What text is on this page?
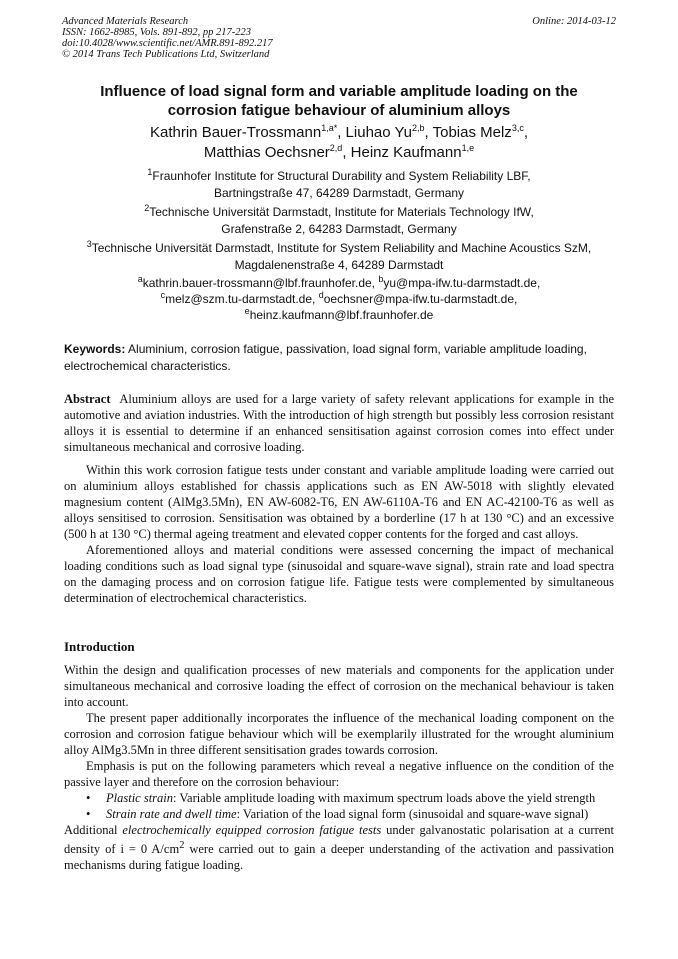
Advanced Materials Research
ISSN: 1662-8985, Vols. 891-892, pp 217-223
doi:10.4028/www.scientific.net/AMR.891-892.217
© 2014 Trans Tech Publications Ltd, Switzerland
Online: 2014-03-12
Influence of load signal form and variable amplitude loading on the corrosion fatigue behaviour of aluminium alloys
Kathrin Bauer-Trossmann$^{1,a*}$, Liuhao Yu$^{2,b}$, Tobias Melz$^{3,c}$,
Matthias Oechsner$^{2,d}$, Heinz Kaufmann$^{1,e}$
$^1$Fraunhofer Institute for Structural Durability and System Reliability LBF,
Bartningstraße 47, 64289 Darmstadt, Germany
$^2$Technische Universität Darmstadt, Institute for Materials Technology IfW,
Grafenstraße 2, 64283 Darmstadt, Germany
$^3$Technische Universität Darmstadt, Institute for System Reliability and Machine Acoustics SzM,
Magdalenenstraße 4, 64289 Darmstadt
$^a$kathrin.bauer-trossmann@lbf.fraunhofer.de, $^b$yu@mpa-ifw.tu-darmstadt.de,
$^c$melz@szm.tu-darmstadt.de, $^d$oechsner@mpa-ifw.tu-darmstadt.de,
$^e$heinz.kaufmann@lbf.fraunhofer.de
Keywords: Aluminium, corrosion fatigue, passivation, load signal form, variable amplitude loading, electrochemical characteristics.

Abstract Aluminium alloys are used for a large variety of safety relevant applications for example in the automotive and aviation industries. With the introduction of high strength but possibly less corrosion resistant alloys it is essential to determine if an enhanced sensitisation against corrosion comes into effect under simultaneous mechanical and corrosive loading.

Within this work corrosion fatigue tests under constant and variable amplitude loading were carried out on aluminium alloys established for chassis applications such as EN AW-5018 with slightly elevated magnesium content (AlMg3.5Mn), EN AW-6082-T6, EN AW-6110A-T6 and EN AC-42100-T6 as well as alloys sensitised to corrosion. Sensitisation was obtained by a borderline (17 h at 130 °C) and an excessive (500 h at 130 °C) thermal ageing treatment and elevated copper contents for the forged and cast alloys.

Aforementioned alloys and material conditions were assessed concerning the impact of mechanical loading conditions such as load signal type (sinusoidal and square-wave signal), strain rate and load spectra on the damaging process and on corrosion fatigue life. Fatigue tests were complemented by simultaneous determination of electrochemical characteristics.

Introduction

Within the design and qualification processes of new materials and components for the application under simultaneous mechanical and corrosive loading the effect of corrosion on the mechanical behaviour is taken into account.

The present paper additionally incorporates the influence of the mechanical loading component on the corrosion and corrosion fatigue behaviour which will be exemplarily illustrated for the wrought aluminium alloy AlMg3.5Mn in three different sensitisation grades towards corrosion.

Emphasis is put on the following parameters which reveal a negative influence on the condition of the passive layer and therefore on the corrosion behaviour:

• Plastic strain: Variable amplitude loading with maximum spectrum loads above the yield strength
• Strain rate and dwell time: Variation of the load signal form (sinusoidal and square-wave signal)

Additional electrochemically equipped corrosion fatigue tests under galvanostatic polarisation at a current density of i = 0 $A/cm^2$ were carried out to gain a deeper understanding of the activation and passivation mechanisms during fatigue loading.
